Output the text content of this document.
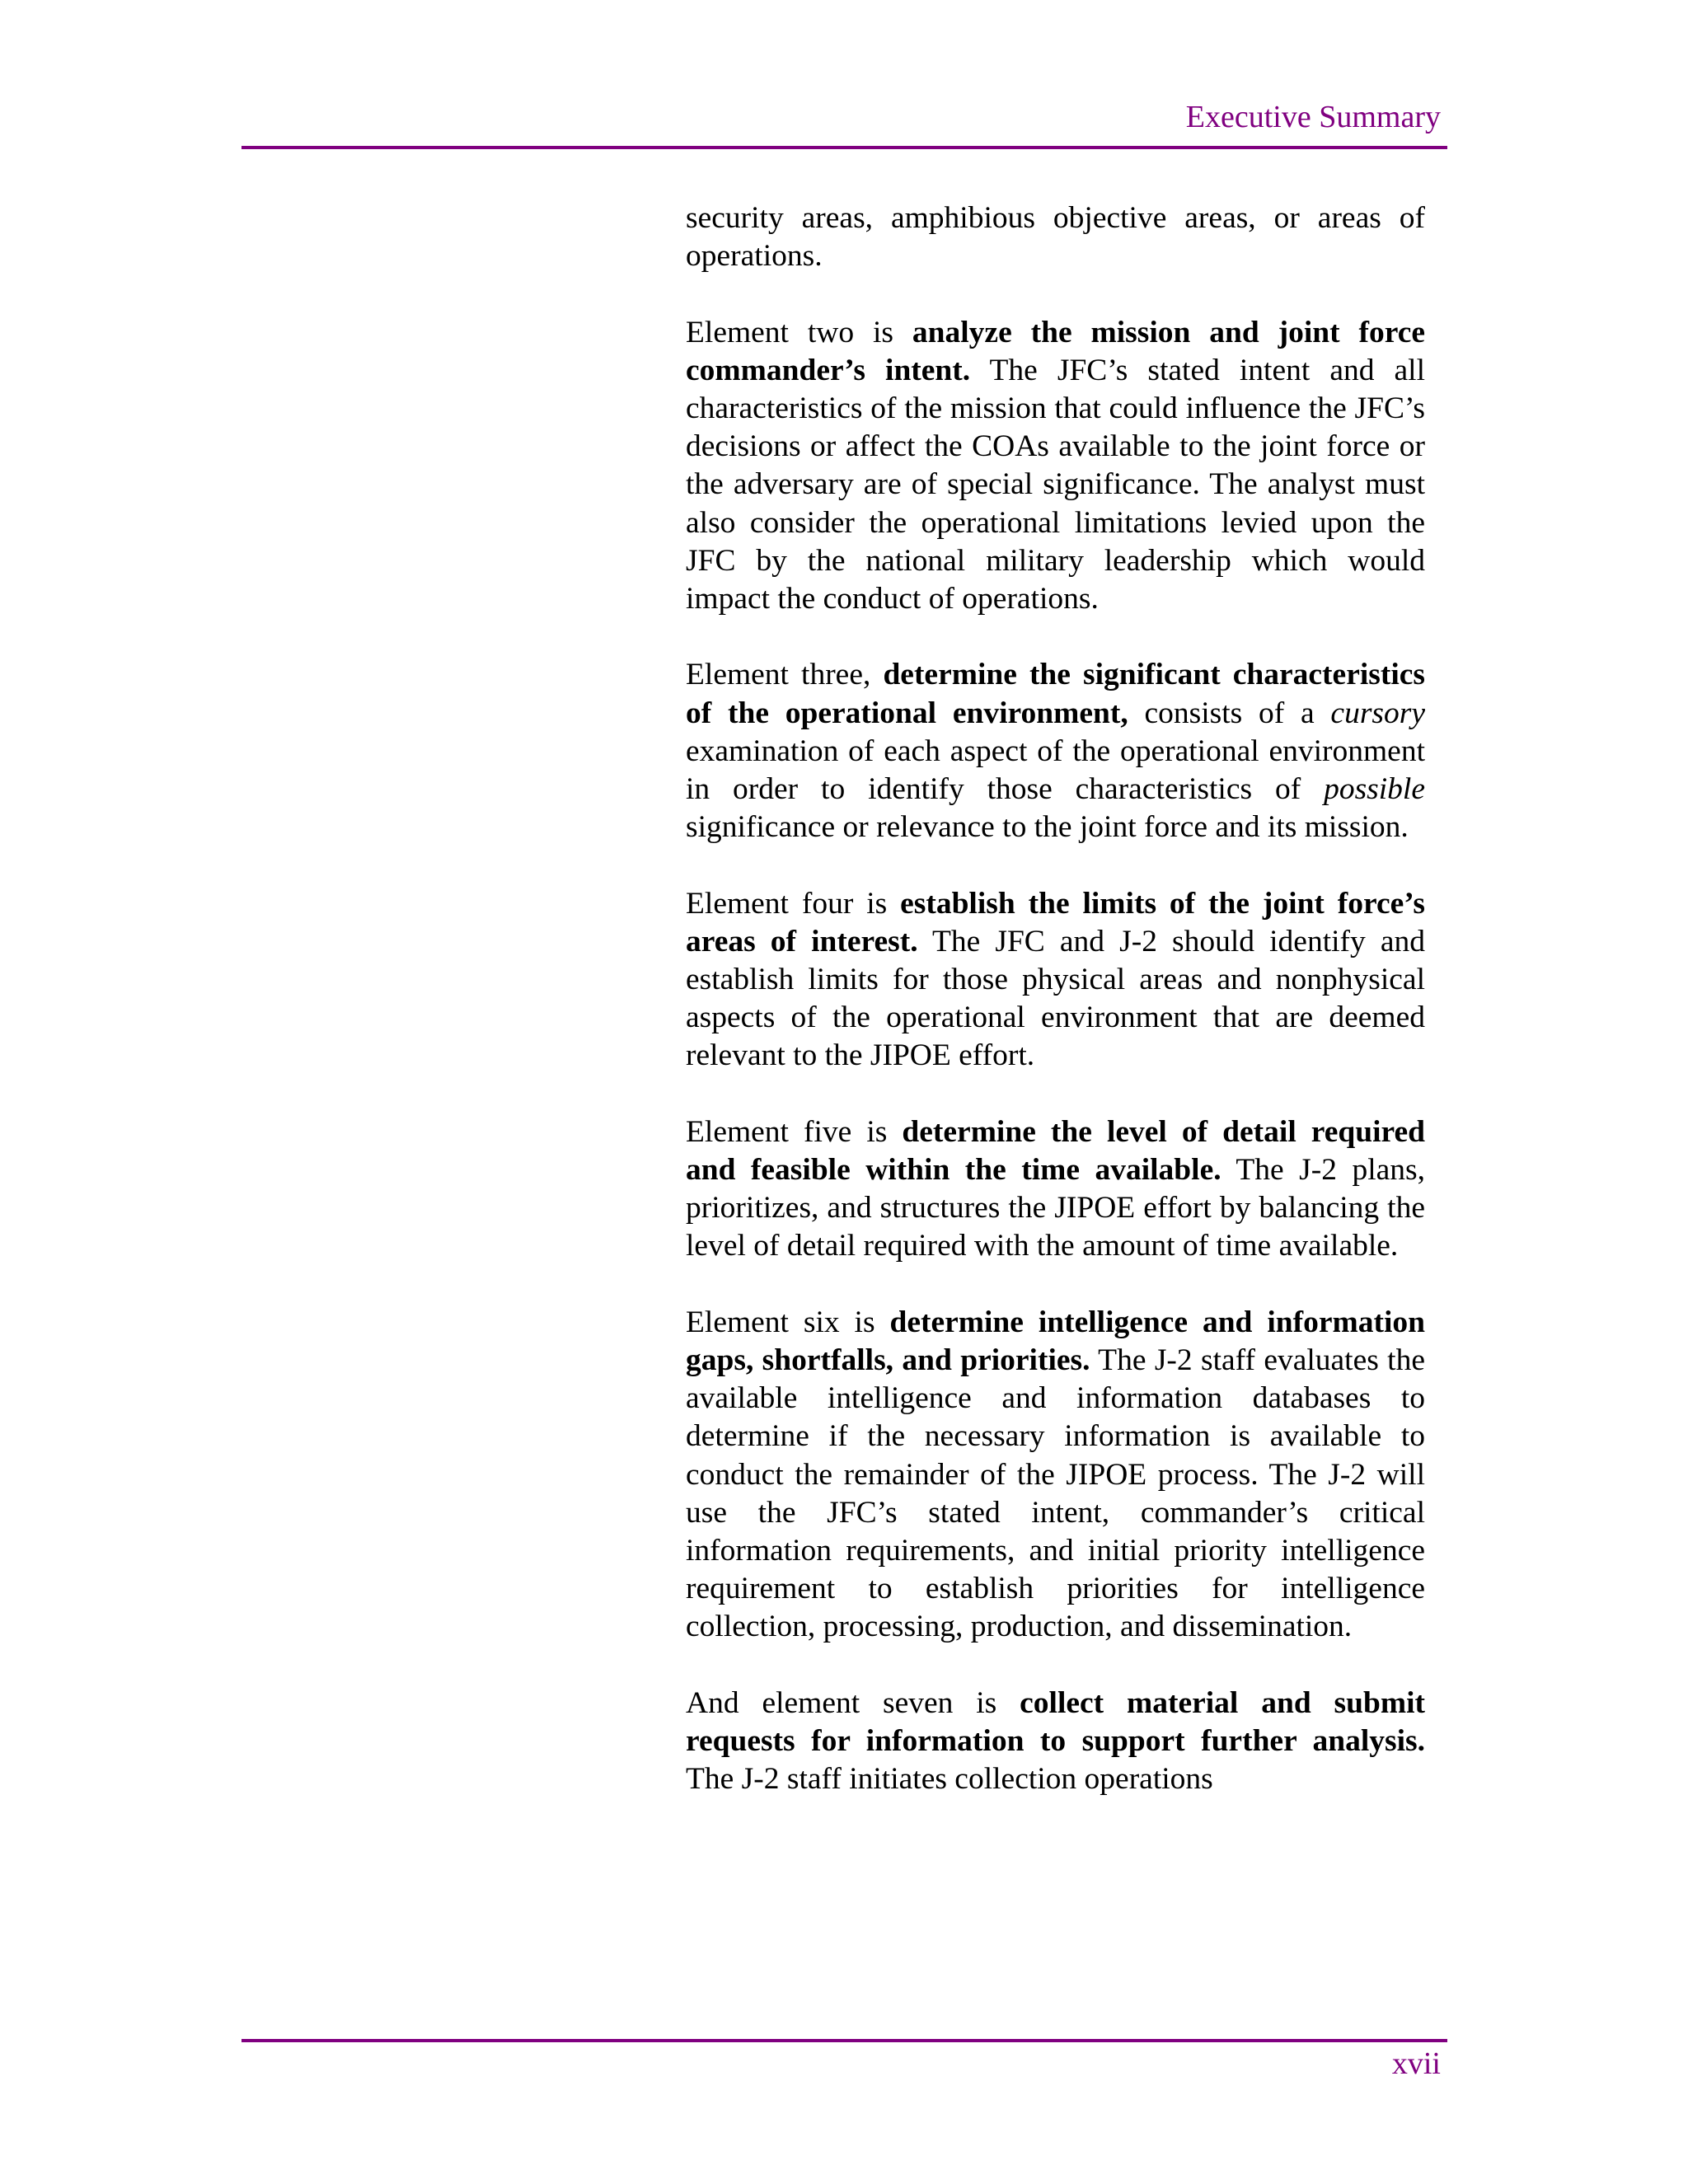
Executive Summary

security areas, amphibious objective areas, or areas of operations.

Element two is analyze the mission and joint force commander’s intent. The JFC’s stated intent and all characteristics of the mission that could influence the JFC’s decisions or affect the COAs available to the joint force or the adversary are of special significance. The analyst must also consider the operational limitations levied upon the JFC by the national military leadership which would impact the conduct of operations.

Element three, determine the significant characteristics of the operational environment, consists of a cursory examination of each aspect of the operational environment in order to identify those characteristics of possible significance or relevance to the joint force and its mission.

Element four is establish the limits of the joint force’s areas of interest. The JFC and J-2 should identify and establish limits for those physical areas and nonphysical aspects of the operational environment that are deemed relevant to the JIPOE effort.

Element five is determine the level of detail required and feasible within the time available. The J-2 plans, prioritizes, and structures the JIPOE effort by balancing the level of detail required with the amount of time available.

Element six is determine intelligence and information gaps, shortfalls, and priorities. The J-2 staff evaluates the available intelligence and information databases to determine if the necessary information is available to conduct the remainder of the JIPOE process. The J-2 will use the JFC’s stated intent, commander’s critical information requirements, and initial priority intelligence requirement to establish priorities for intelligence collection, processing, production, and dissemination.

And element seven is collect material and submit requests for information to support further analysis. The J-2 staff initiates collection operations

xvii
